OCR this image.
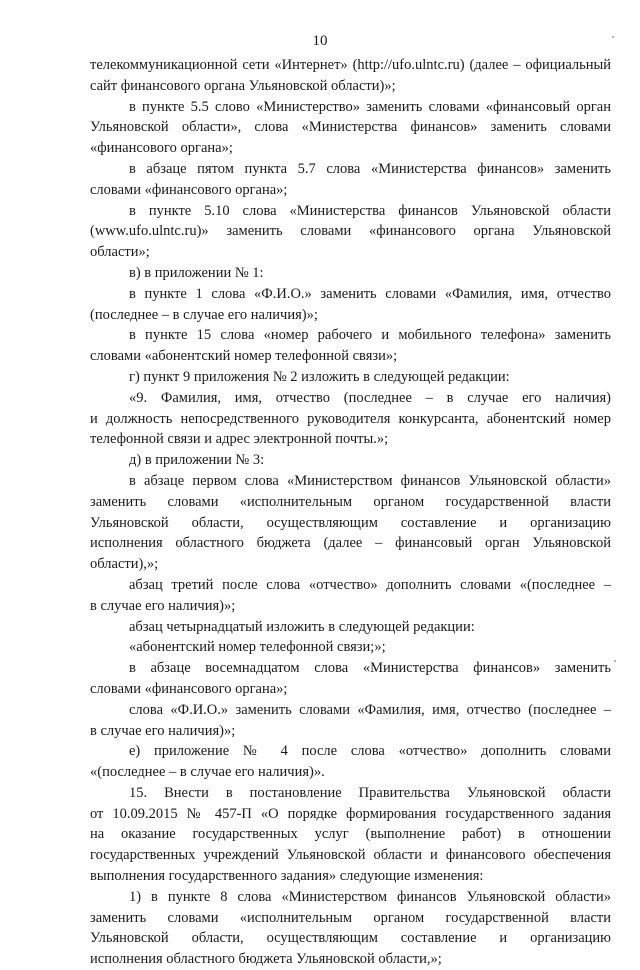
10
телекоммуникационной сети «Интернет» (http://ufo.ulntc.ru) (далее – официальный
сайт финансового органа Ульяновской области)»;
в пункте 5.5 слово «Министерство» заменить словами «финансовый орган
Ульяновской области», слова «Министерства финансов» заменить словами
«финансового органа»;
в абзаце пятом пункта 5.7 слова «Министерства финансов» заменить
словами «финансового органа»;
в пункте 5.10 слова «Министерства финансов Ульяновской области
(www.ufo.ulntc.ru)» заменить словами «финансового органа Ульяновской
области»;
в) в приложении № 1:
в пункте 1 слова «Ф.И.О.» заменить словами «Фамилия, имя, отчество
(последнее – в случае его наличия)»;
в пункте 15 слова «номер рабочего и мобильного телефона» заменить
словами «абонентский номер телефонной связи»;
г) пункт 9 приложения № 2 изложить в следующей редакции:
«9. Фамилия, имя, отчество (последнее – в случае его наличия)
и должность непосредственного руководителя конкурсанта, абонентский номер
телефонной связи и адрес электронной почты.»;
д) в приложении № 3:
в абзаце первом слова «Министерством финансов Ульяновской области»
заменить словами «исполнительным органом государственной власти
Ульяновской области, осуществляющим составление и организацию
исполнения областного бюджета (далее – финансовый орган Ульяновской
области),»;
абзац третий после слова «отчество» дополнить словами «(последнее –
в случае его наличия)»;
абзац четырнадцатый изложить в следующей редакции:
«абонентский номер телефонной связи;»;
в абзаце восемнадцатом слова «Министерства финансов» заменить
словами «финансового органа»;
слова «Ф.И.О.» заменить словами «Фамилия, имя, отчество (последнее –
в случае его наличия)»;
е) приложение № 4 после слова «отчество» дополнить словами
«(последнее – в случае его наличия)».
15. Внести в постановление Правительства Ульяновской области
от 10.09.2015 № 457-П «О порядке формирования государственного задания
на оказание государственных услуг (выполнение работ) в отношении
государственных учреждений Ульяновской области и финансового обеспечения
выполнения государственного задания» следующие изменения:
1) в пункте 8 слова «Министерством финансов Ульяновской области»
заменить словами «исполнительным органом государственной власти
Ульяновской области, осуществляющим составление и организацию
исполнения областного бюджета Ульяновской области,»;
